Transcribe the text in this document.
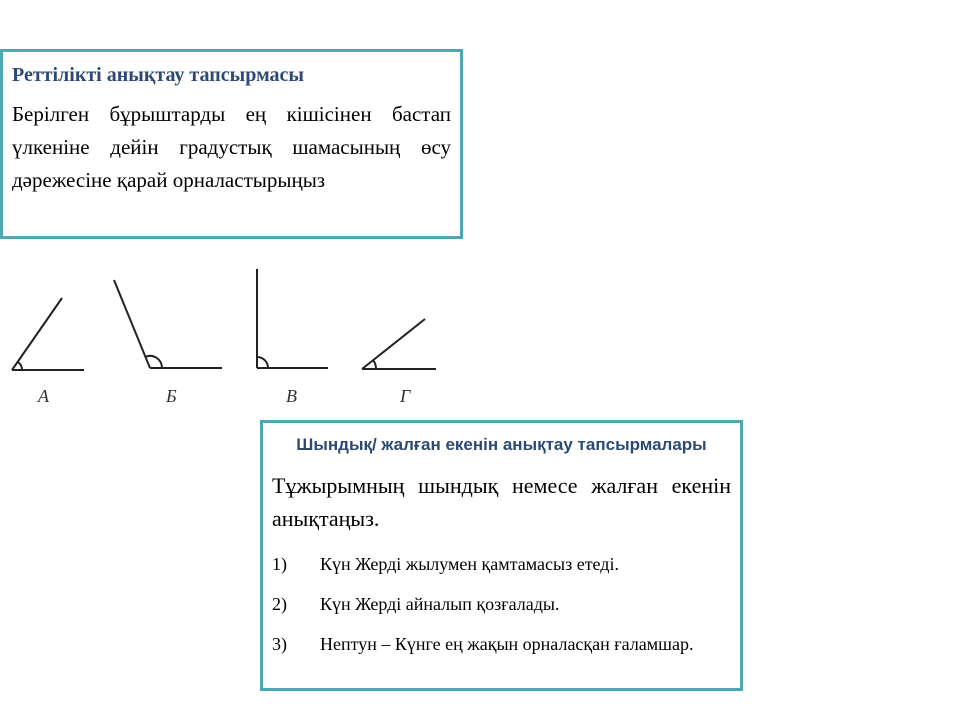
Реттілікті анықтау тапсырмасы
Берілген бұрыштарды ең кішісінен бастап үлкеніне дейін градустық шамасының өсу дәрежесіне қарай орналастырыңыз
А	Б	В	Г
Шындық/ жалған екенін анықтау тапсырмалары
Тұжырымның шындық немесе жалған екенін анықтаңыз.
1)	Күн Жерді жылумен қамтамасыз етеді.
2)	Күн Жерді айналып қозғалады.
3)	Нептун – Күнге ең жақын орналасқан ғаламшар.
